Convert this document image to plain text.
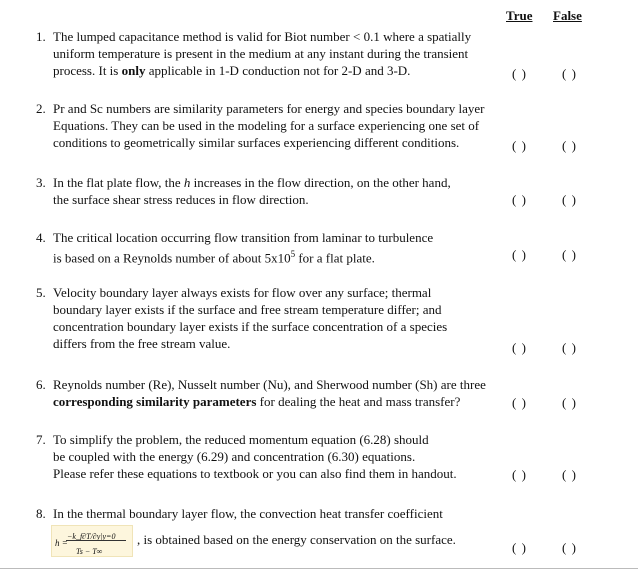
True False
1. The lumped capacitance method is valid for Biot number < 0.1 where a spatially
uniform temperature is present in the medium at any instant during the transient
process. It is only applicable in 1-D conduction not for 2-D and 3-D.	( )	( )
2. Pr and Sc numbers are similarity parameters for energy and species boundary layer
Equations. They can be used in the modeling for a surface experiencing one set of
conditions to geometrically similar surfaces experiencing different conditions.	( )	( )
3. In the flat plate flow, the h increases in the flow direction, on the other hand,
the surface shear stress reduces in flow direction.	( )	( )
4. The critical location occurring flow transition from laminar to turbulence
is based on a Reynolds number of about $5x10^5$ for a flat plate.	( )	( )
5. Velocity boundary layer always exists for flow over any surface; thermal
boundary layer exists if the surface and free stream temperature differ; and
concentration boundary layer exists if the surface concentration of a species
differs from the free stream value.	( )	( )
6. Reynolds number (Re), Nusselt number (Nu), and Sherwood number (Sh) are three
corresponding similarity parameters for dealing the heat and mass transfer?	( )	( )
7. To simplify the problem, the reduced momentum equation (6.28) should
be coupled with the energy (6.29) and concentration (6.30) equations.
Please refer these equations to textbook or you can also find them in handout.	( )	( )
8. In the thermal boundary layer flow, the convection heat transfer coefficient
h =
−k_f∂T/∂y|y=0
Ts − T∞
, is obtained based on the energy conservation on the surface.
( )	( )
